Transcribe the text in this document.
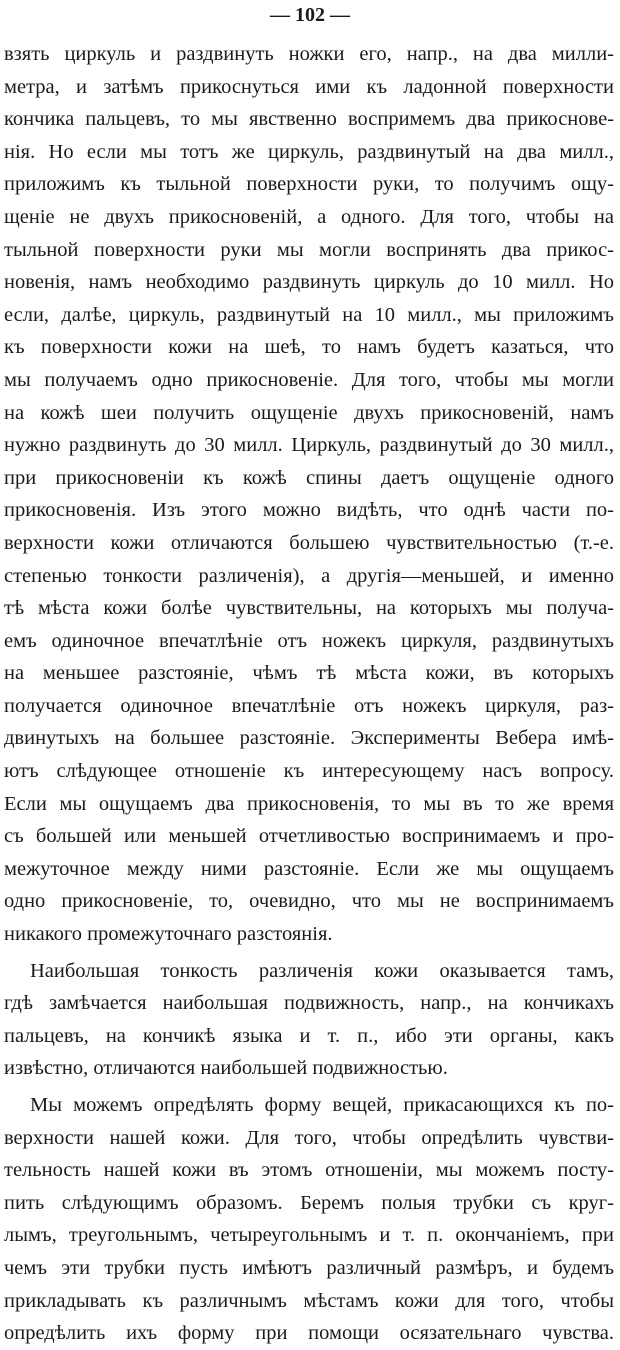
— 102 —
взять циркуль и раздвинуть ножки его, напр., на два милли-
метра, и затѣмъ прикоснуться ими къ ладонной поверхности
кончика пальцевъ, то мы явственно воспримемъ два прикоснове-
нія. Но если мы тотъ же циркуль, раздвинутый на два милл.,
приложимъ къ тыльной поверхности руки, то получимъ ощу-
щеніе не двухъ прикосновеній, а одного. Для того, чтобы на
тыльной поверхности руки мы могли воспринять два прикос-
новенія, намъ необходимо раздвинуть циркуль до 10 милл. Но
если, далѣе, циркуль, раздвинутый на 10 милл., мы приложимъ
къ поверхности кожи на шеѣ, то намъ будетъ казаться, что
мы получаемъ одно прикосновеніе. Для того, чтобы мы могли
на кожѣ шеи получить ощущеніе двухъ прикосновеній, намъ
нужно раздвинуть до 30 милл. Циркуль, раздвинутый до 30 милл.,
при прикосновеніи къ кожѣ спины даетъ ощущеніе одного
прикосновенія. Изъ этого можно видѣть, что однѣ части по-
верхности кожи отличаются большею чувствительностью (т.-е.
степенью тонкости различенія), а другія—меньшей, и именно
тѣ мѣста кожи болѣе чувствительны, на которыхъ мы получа-
емъ одиночное впечатлѣніе отъ ножекъ циркуля, раздвинутыхъ
на меньшее разстояніе, чѣмъ тѣ мѣста кожи, въ которыхъ
получается одиночное впечатлѣніе отъ ножекъ циркуля, раз-
двинутыхъ на большее разстояніе. Эксперименты Вебера имѣ-
ютъ слѣдующее отношеніе къ интересующему насъ вопросу.
Если мы ощущаемъ два прикосновенія, то мы въ то же время
съ большей или меньшей отчетливостью воспринимаемъ и про-
межуточное между ними разстояніе. Если же мы ощущаемъ
одно прикосновеніе, то, очевидно, что мы не воспринимаемъ
никакого промежуточнаго разстоянія.
Наибольшая тонкость различенія кожи оказывается тамъ,
гдѣ замѣчается наибольшая подвижность, напр., на кончикахъ
пальцевъ, на кончикѣ языка и т. п., ибо эти органы, какъ
извѣстно, отличаются наибольшей подвижностью.
Мы можемъ опредѣлять форму вещей, прикасающихся къ по-
верхности нашей кожи. Для того, чтобы опредѣлить чувстви-
тельность нашей кожи въ этомъ отношеніи, мы можемъ посту-
пить слѣдующимъ образомъ. Беремъ полыя трубки съ круг-
лымъ, треугольнымъ, четыреугольнымъ и т. п. окончаніемъ, при
чемъ эти трубки пусть имѣютъ различный размѣръ, и будемъ
прикладывать къ различнымъ мѣстамъ кожи для того, чтобы
опредѣлить ихъ форму при помощи осязательнаго чувства.
